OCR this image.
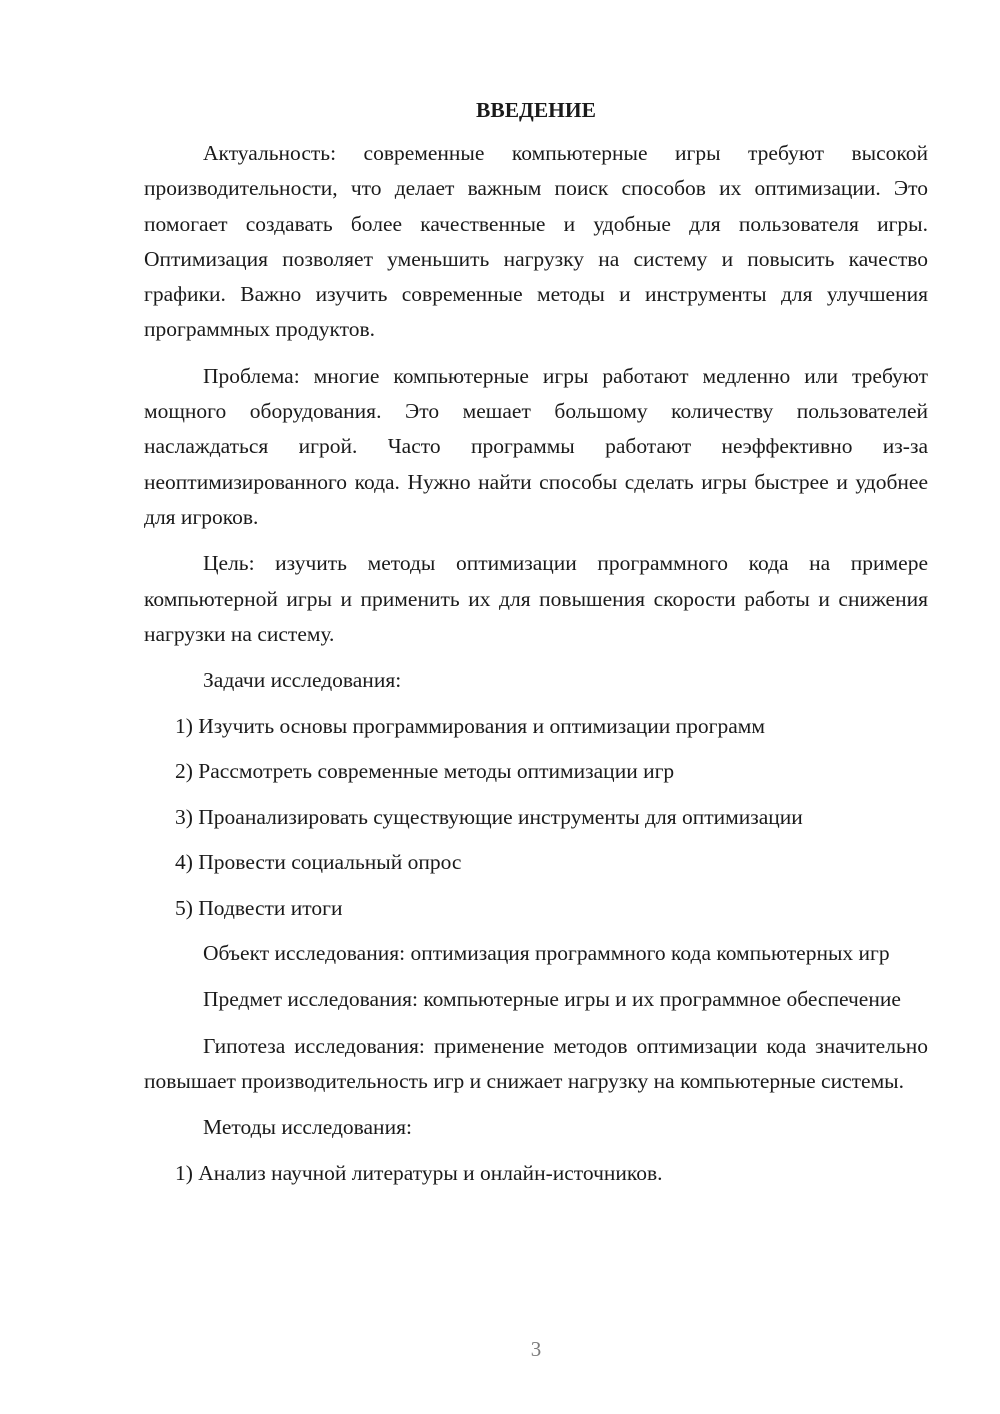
ВВЕДЕНИЕ

Актуальность: современные компьютерные игры требуют высокой производительности, что делает важным поиск способов их оптимизации. Это помогает создавать более качественные и удобные для пользователя игры. Оптимизация позволяет уменьшить нагрузку на систему и повысить качество графики. Важно изучить современные методы и инструменты для улучшения программных продуктов.

Проблема: многие компьютерные игры работают медленно или требуют мощного оборудования. Это мешает большому количеству пользователей наслаждаться игрой. Часто программы работают неэффективно из-за неоптимизированного кода. Нужно найти способы сделать игры быстрее и удобнее для игроков.

Цель: изучить методы оптимизации программного кода на примере компьютерной игры и применить их для повышения скорости работы и снижения нагрузки на систему.

Задачи исследования:
1) Изучить основы программирования и оптимизации программ
2) Рассмотреть современные методы оптимизации игр
3) Проанализировать существующие инструменты для оптимизации
4) Провести социальный опрос
5) Подвести итоги

Объект исследования: оптимизация программного кода компьютерных игр

Предмет исследования: компьютерные игры и их программное обеспечение

Гипотеза исследования: применение методов оптимизации кода значительно повышает производительность игр и снижает нагрузку на компьютерные системы.

Методы исследования:
1) Анализ научной литературы и онлайн-источников.
3
